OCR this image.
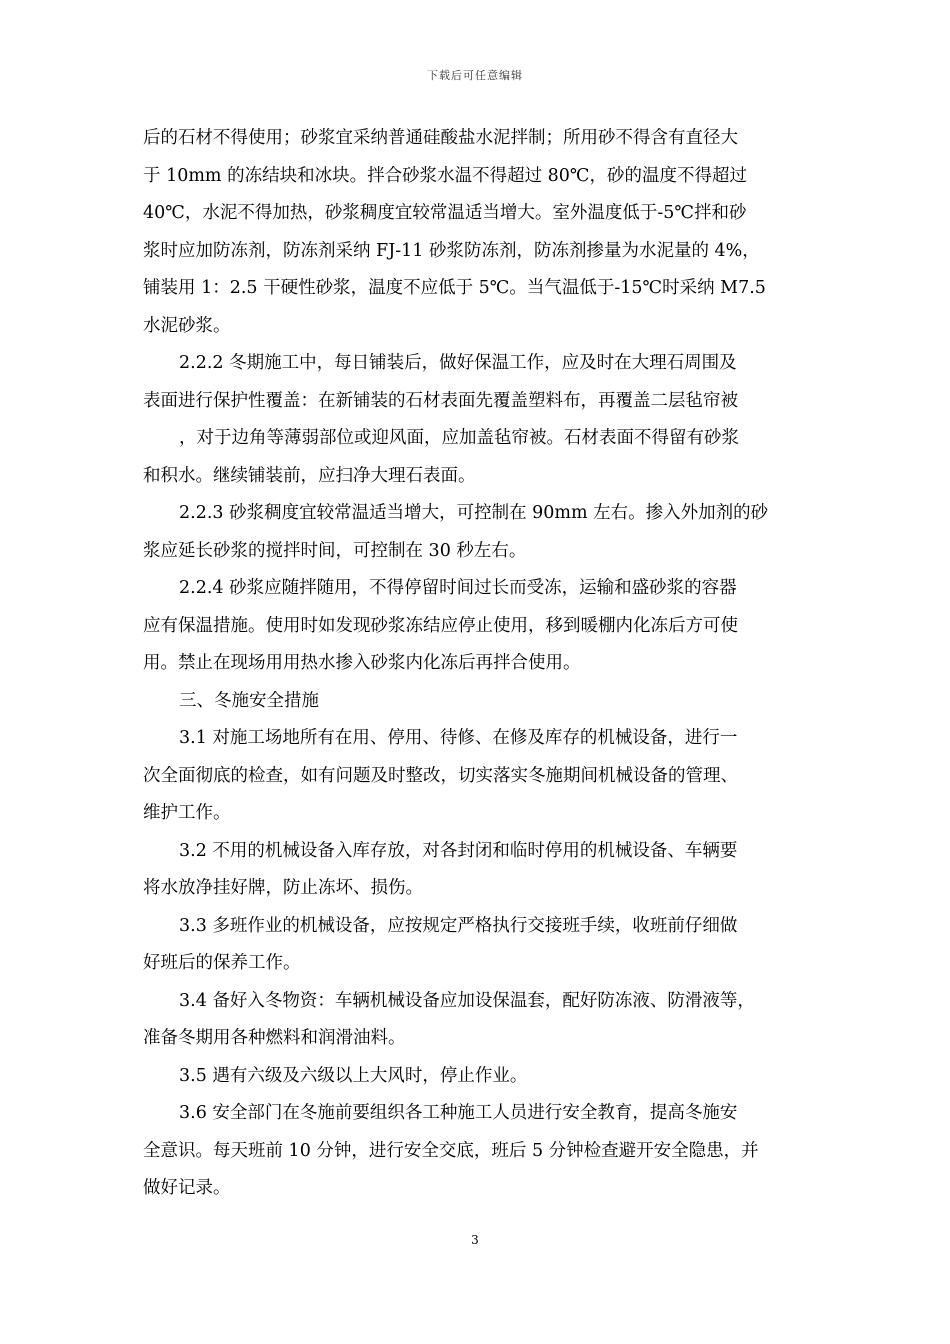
下载后可任意编辑
后的石材不得使用；砂浆宜采纳普通硅酸盐水泥拌制；所用砂不得含有直径大
于 10mm 的冻结块和冰块。拌合砂浆水温不得超过 80℃，砂的温度不得超过
40℃，水泥不得加热，砂浆稠度宜较常温适当增大。室外温度低于-5℃拌和砂
浆时应加防冻剂，防冻剂采纳 FJ-11 砂浆防冻剂，防冻剂掺量为水泥量的 4%，
铺装用 1：2.5 干硬性砂浆，温度不应低于 5℃。当气温低于-15℃时采纳 M7.5
水泥砂浆。
2.2.2 冬期施工中，每日铺装后，做好保温工作，应及时在大理石周围及
表面进行保护性覆盖：在新铺装的石材表面先覆盖塑料布，再覆盖二层毡帘被
，对于边角等薄弱部位或迎风面，应加盖毡帘被。石材表面不得留有砂浆
和积水。继续铺装前，应扫净大理石表面。
2.2.3 砂浆稠度宜较常温适当增大，可控制在 90mm 左右。掺入外加剂的砂
浆应延长砂浆的搅拌时间，可控制在 30 秒左右。
2.2.4 砂浆应随拌随用，不得停留时间过长而受冻，运输和盛砂浆的容器
应有保温措施。使用时如发现砂浆冻结应停止使用，移到暖棚内化冻后方可使
用。禁止在现场用用热水掺入砂浆内化冻后再拌合使用。
三、冬施安全措施
3.1 对施工场地所有在用、停用、待修、在修及库存的机械设备，进行一
次全面彻底的检查，如有问题及时整改，切实落实冬施期间机械设备的管理、
维护工作。
3.2 不用的机械设备入库存放，对各封闭和临时停用的机械设备、车辆要
将水放净挂好牌，防止冻坏、损伤。
3.3 多班作业的机械设备，应按规定严格执行交接班手续，收班前仔细做
好班后的保养工作。
3.4 备好入冬物资：车辆机械设备应加设保温套，配好防冻液、防滑液等，
准备冬期用各种燃料和润滑油料。
3.5 遇有六级及六级以上大风时，停止作业。
3.6 安全部门在冬施前要组织各工种施工人员进行安全教育，提高冬施安
全意识。每天班前 10 分钟，进行安全交底，班后 5 分钟检查避开安全隐患，并
做好记录。
3
